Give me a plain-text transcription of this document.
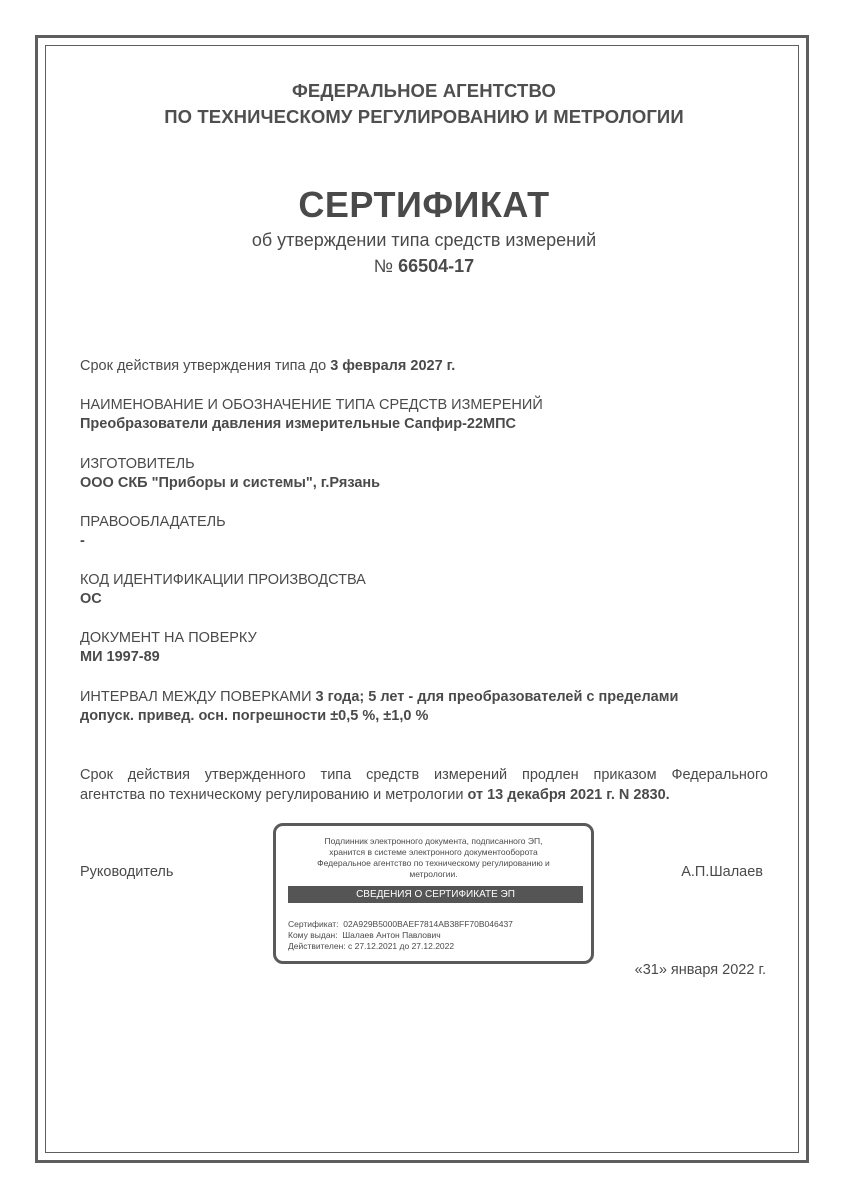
ФЕДЕРАЛЬНОЕ АГЕНТСТВО
ПО ТЕХНИЧЕСКОМУ РЕГУЛИРОВАНИЮ И МЕТРОЛОГИИ
СЕРТИФИКАТ
об утверждении типа средств измерений
№ 66504-17
Срок действия утверждения типа до 3 февраля 2027 г.
НАИМЕНОВАНИЕ И ОБОЗНАЧЕНИЕ ТИПА СРЕДСТВ ИЗМЕРЕНИЙ
Преобразователи давления измерительные Сапфир-22МПС
ИЗГОТОВИТЕЛЬ
ООО СКБ "Приборы и системы", г.Рязань
ПРАВООБЛАДАТЕЛЬ
-
КОД ИДЕНТИФИКАЦИИ ПРОИЗВОДСТВА
ОС
ДОКУМЕНТ НА ПОВЕРКУ
МИ 1997-89
ИНТЕРВАЛ МЕЖДУ ПОВЕРКАМИ 3 года; 5 лет - для преобразователей с пределами
допуск. привед. осн. погрешности ±0,5 %, ±1,0 %
Срок действия утвержденного типа средств измерений продлен приказом Федерального
агентства по техническому регулированию и метрологии от 13 декабря 2021 г. N 2830.
Руководитель	А.П.Шалаев
«31» января 2022 г.
Подлинник электронного документа, подписанного ЭП,
хранится в системе электронного документооборота
Федеральное агентство по техническому регулированию и
метрологии.
СВЕДЕНИЯ О СЕРТИФИКАТЕ ЭП
Сертификат: 02A929B5000BAEF7814AB38FF70B046437
Кому выдан: Шалаев Антон Павлович
Действителен: с 27.12.2021 до 27.12.2022
